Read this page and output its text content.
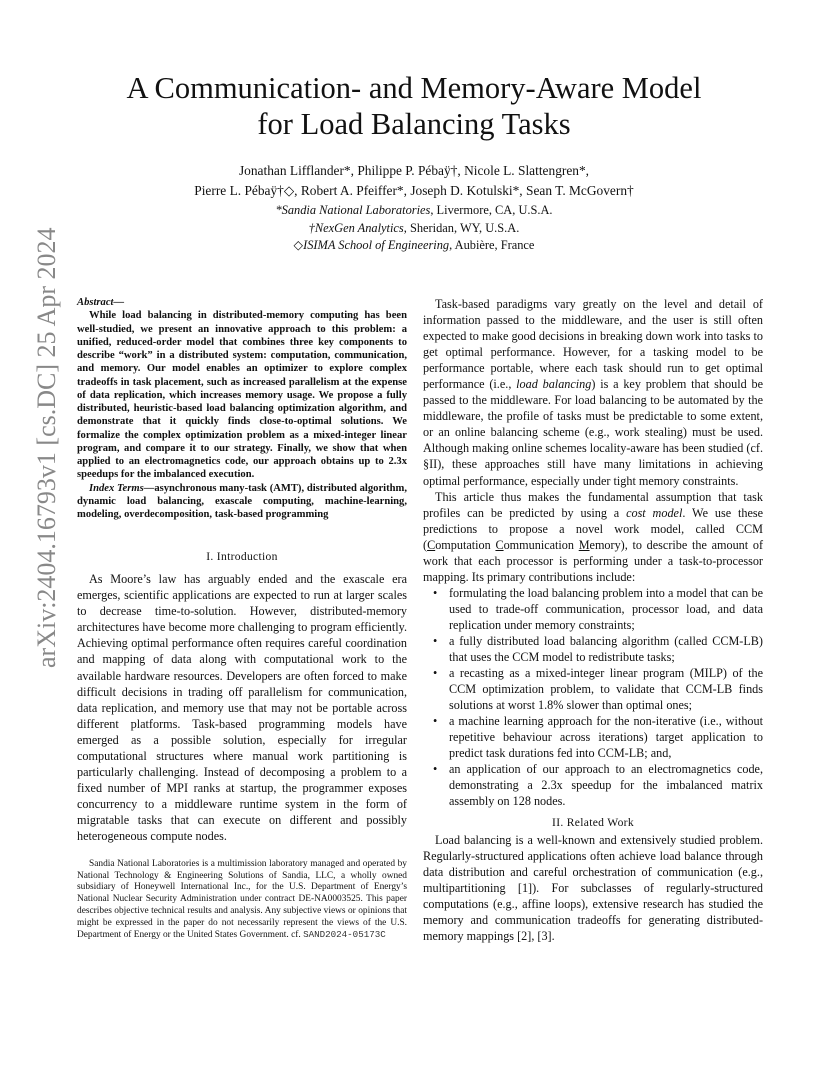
arXiv:2404.16793v1 [cs.DC] 25 Apr 2024
A Communication- and Memory-Aware Model
for Load Balancing Tasks
Jonathan Lifflander*, Philippe P. Pébaÿ†, Nicole L. Slattengren*,
Pierre L. Pébaÿ†◇, Robert A. Pfeiffer*, Joseph D. Kotulski*, Sean T. McGovern†
*Sandia National Laboratories, Livermore, CA, U.S.A.
†NexGen Analytics, Sheridan, WY, U.S.A.
◇ISIMA School of Engineering, Aubière, France

Abstract—

While load balancing in distributed-memory computing has been well-studied, we present an innovative approach to this problem: a unified, reduced-order model that combines three key components to describe “work” in a distributed system: computation, communication, and memory. Our model enables an optimizer to explore complex tradeoffs in task placement, such as increased parallelism at the expense of data replication, which increases memory usage. We propose a fully distributed, heuristic-based load balancing optimization algorithm, and demonstrate that it quickly finds close-to-optimal solutions. We formalize the complex optimization problem as a mixed-integer linear program, and compare it to our strategy. Finally, we show that when applied to an electromagnetics code, our approach obtains up to 2.3x speedups for the imbalanced execution.

Index Terms—asynchronous many-task (AMT), distributed algorithm, dynamic load balancing, exascale computing, machine-learning, modeling, overdecomposition, task-based programming

I. Introduction

As Moore’s law has arguably ended and the exascale era emerges, scientific applications are expected to run at larger scales to decrease time-to-solution. However, distributed-memory architectures have become more challenging to program efficiently. Achieving optimal performance often requires careful coordination and mapping of data along with computational work to the available hardware resources. Developers are often forced to make difficult decisions in trading off parallelism for communication, data replication, and memory use that may not be portable across different platforms. Task-based programming models have emerged as a possible solution, especially for irregular computational structures where manual work partitioning is particularly challenging. Instead of decomposing a problem to a fixed number of MPI ranks at startup, the programmer exposes concurrency to a middleware runtime system in the form of migratable tasks that can execute on different and possibly heterogeneous compute nodes.

Sandia National Laboratories is a multimission laboratory managed and operated by National Technology & Engineering Solutions of Sandia, LLC, a wholly owned subsidiary of Honeywell International Inc., for the U.S. Department of Energy’s National Nuclear Security Administration under contract DE-NA0003525. This paper describes objective technical results and analysis. Any subjective views or opinions that might be expressed in the paper do not necessarily represent the views of the U.S. Department of Energy or the United States Government. cf. SAND2024-05173C

Task-based paradigms vary greatly on the level and detail of information passed to the middleware, and the user is still often expected to make good decisions in breaking down work into tasks to get optimal performance. However, for a tasking model to be performance portable, where each task should run to get optimal performance (i.e., load balancing) is a key problem that should be passed to the middleware. For load balancing to be automated by the middleware, the profile of tasks must be predictable to some extent, or an online balancing scheme (e.g., work stealing) must be used. Although making online schemes locality-aware has been studied (cf. §II), these approaches still have many limitations in achieving optimal performance, especially under tight memory constraints.

This article thus makes the fundamental assumption that task profiles can be predicted by using a cost model. We use these predictions to propose a novel work model, called CCM (Computation Communication Memory), to describe the amount of work that each processor is performing under a task-to-processor mapping. Its primary contributions include:

• formulating the load balancing problem into a model that can be used to trade-off communication, processor load, and data replication under memory constraints;
• a fully distributed load balancing algorithm (called CCM-LB) that uses the CCM model to redistribute tasks;
• a recasting as a mixed-integer linear program (MILP) of the CCM optimization problem, to validate that CCM-LB finds solutions at worst 1.8% slower than optimal ones;
• a machine learning approach for the non-iterative (i.e., without repetitive behaviour across iterations) target application to predict task durations fed into CCM-LB; and,
• an application of our approach to an electromagnetics code, demonstrating a 2.3x speedup for the imbalanced matrix assembly on 128 nodes.

II. Related Work

Load balancing is a well-known and extensively studied problem. Regularly-structured applications often achieve load balance through data distribution and careful orchestration of communication (e.g., multipartitioning [1]). For subclasses of regularly-structured computations (e.g., affine loops), extensive research has studied the memory and communication tradeoffs for generating distributed-memory mappings [2], [3].
